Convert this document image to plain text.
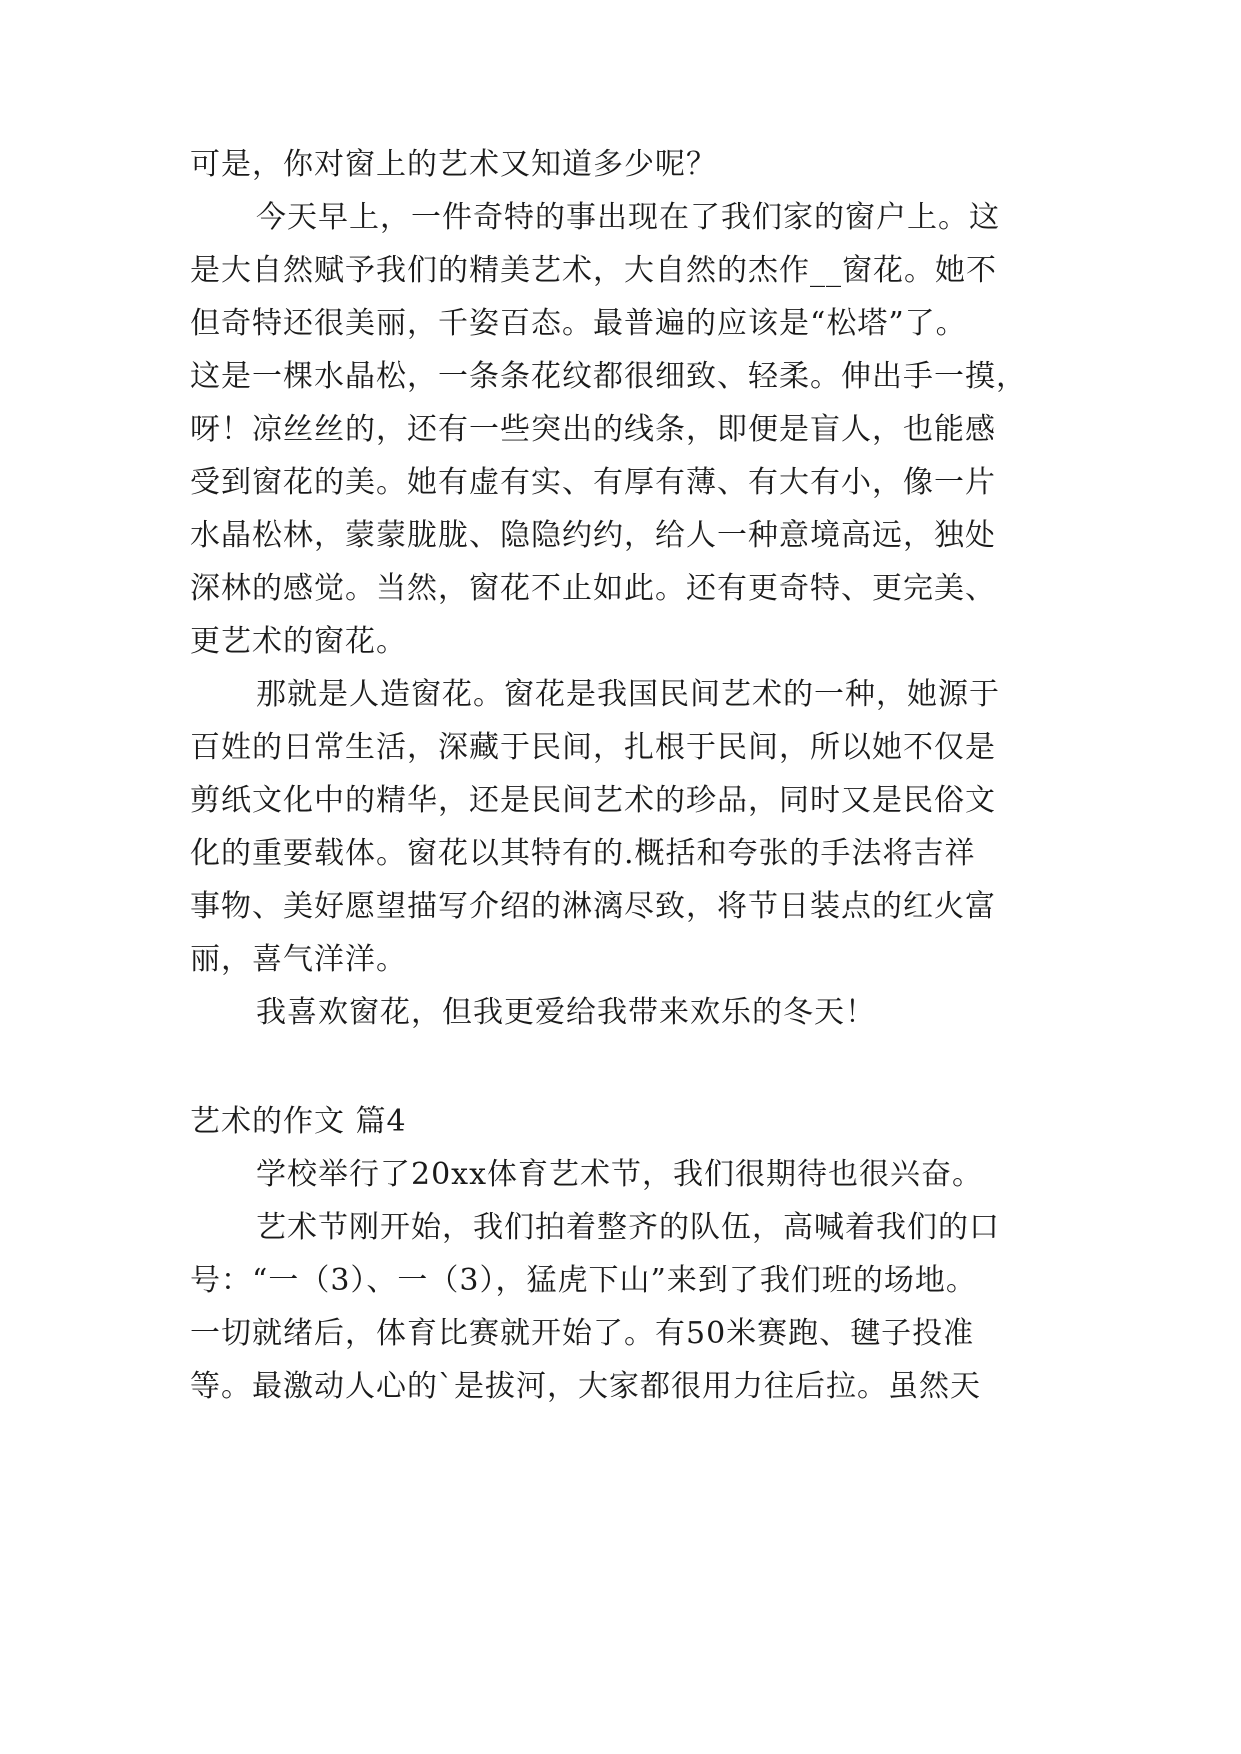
可是，你对窗上的艺术又知道多少呢？
今天早上，一件奇特的事出现在了我们家的窗户上。这
是大自然赋予我们的精美艺术，大自然的杰作__窗花。她不
但奇特还很美丽，千姿百态。最普遍的应该是“松塔”了。
这是一棵水晶松，一条条花纹都很细致、轻柔。伸出手一摸，
呀！凉丝丝的，还有一些突出的线条，即便是盲人，也能感
受到窗花的美。她有虚有实、有厚有薄、有大有小，像一片
水晶松林，蒙蒙胧胧、隐隐约约，给人一种意境高远，独处
深林的感觉。当然，窗花不止如此。还有更奇特、更完美、
更艺术的窗花。
那就是人造窗花。窗花是我国民间艺术的一种，她源于
百姓的日常生活，深藏于民间，扎根于民间，所以她不仅是
剪纸文化中的精华，还是民间艺术的珍品，同时又是民俗文
化的重要载体。窗花以其特有的.概括和夸张的手法将吉祥
事物、美好愿望描写介绍的淋漓尽致，将节日装点的红火富
丽，喜气洋洋。
我喜欢窗花，但我更爱给我带来欢乐的冬天！
艺术的作文 篇4
学校举行了20xx体育艺术节，我们很期待也很兴奋。
艺术节刚开始，我们拍着整齐的队伍，高喊着我们的口
号：“一（3）、一（3），猛虎下山”来到了我们班的场地。
一切就绪后，体育比赛就开始了。有50米赛跑、毽子投准
等。最激动人心的`是拔河，大家都很用力往后拉。虽然天
